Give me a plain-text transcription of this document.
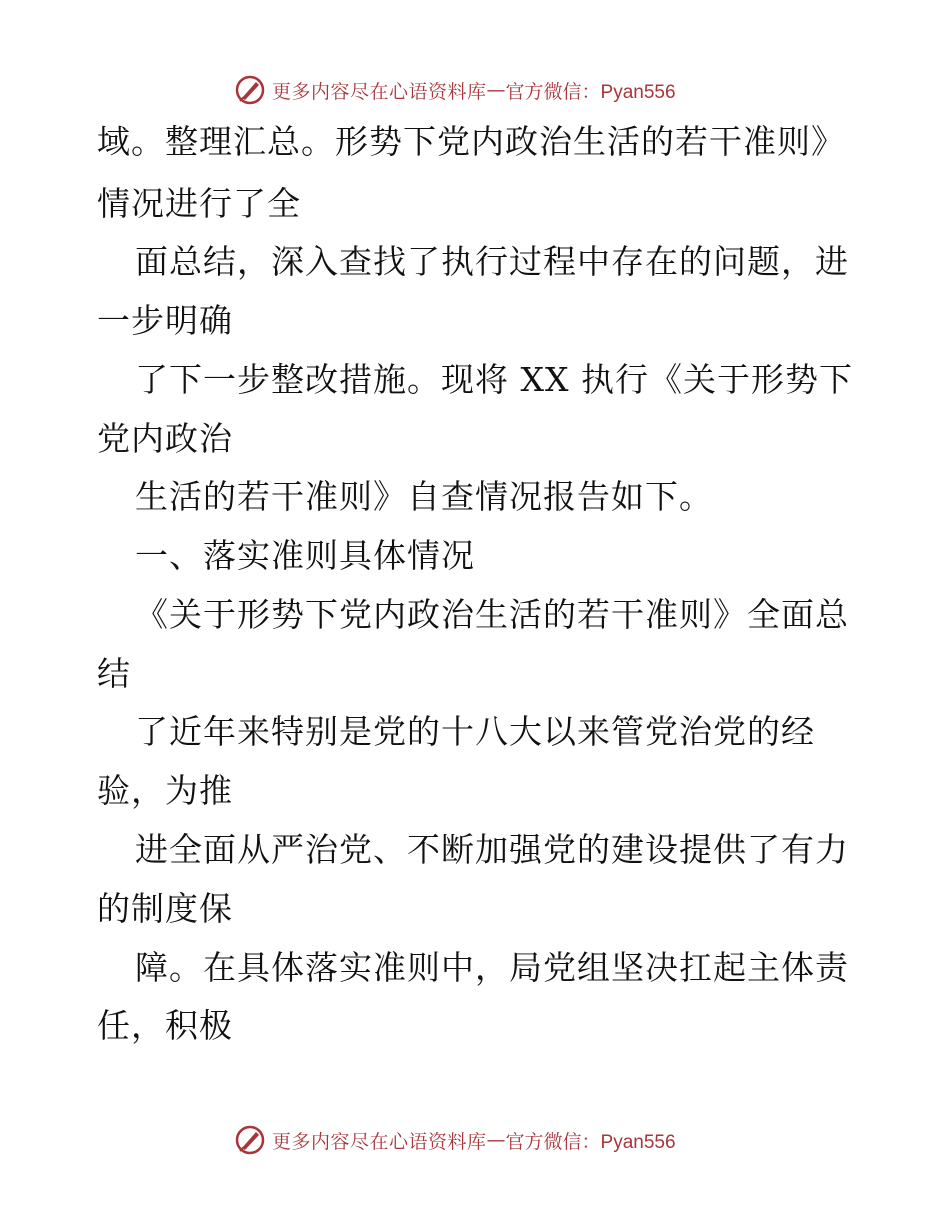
更多内容尽在心语资料库 — 官方微信：Pyan556
域。整理汇总。形势下党内政治生活的若干准则》
情况进行了全
面总结，深入查找了执行过程中存在的问题，进
一步明确
了下一步整改措施。现将 XX 执行《关于形势下
党内政治
生活的若干准则》自查情况报告如下。
一、落实准则具体情况
《关于形势下党内政治生活的若干准则》全面总
结
了近年来特别是党的十八大以来管党治党的经
验，为推
进全面从严治党、不断加强党的建设提供了有力
的制度保
障。在具体落实准则中，局党组坚决扛起主体责
任，积极
更多内容尽在心语资料库 — 官方微信：Pyan556
